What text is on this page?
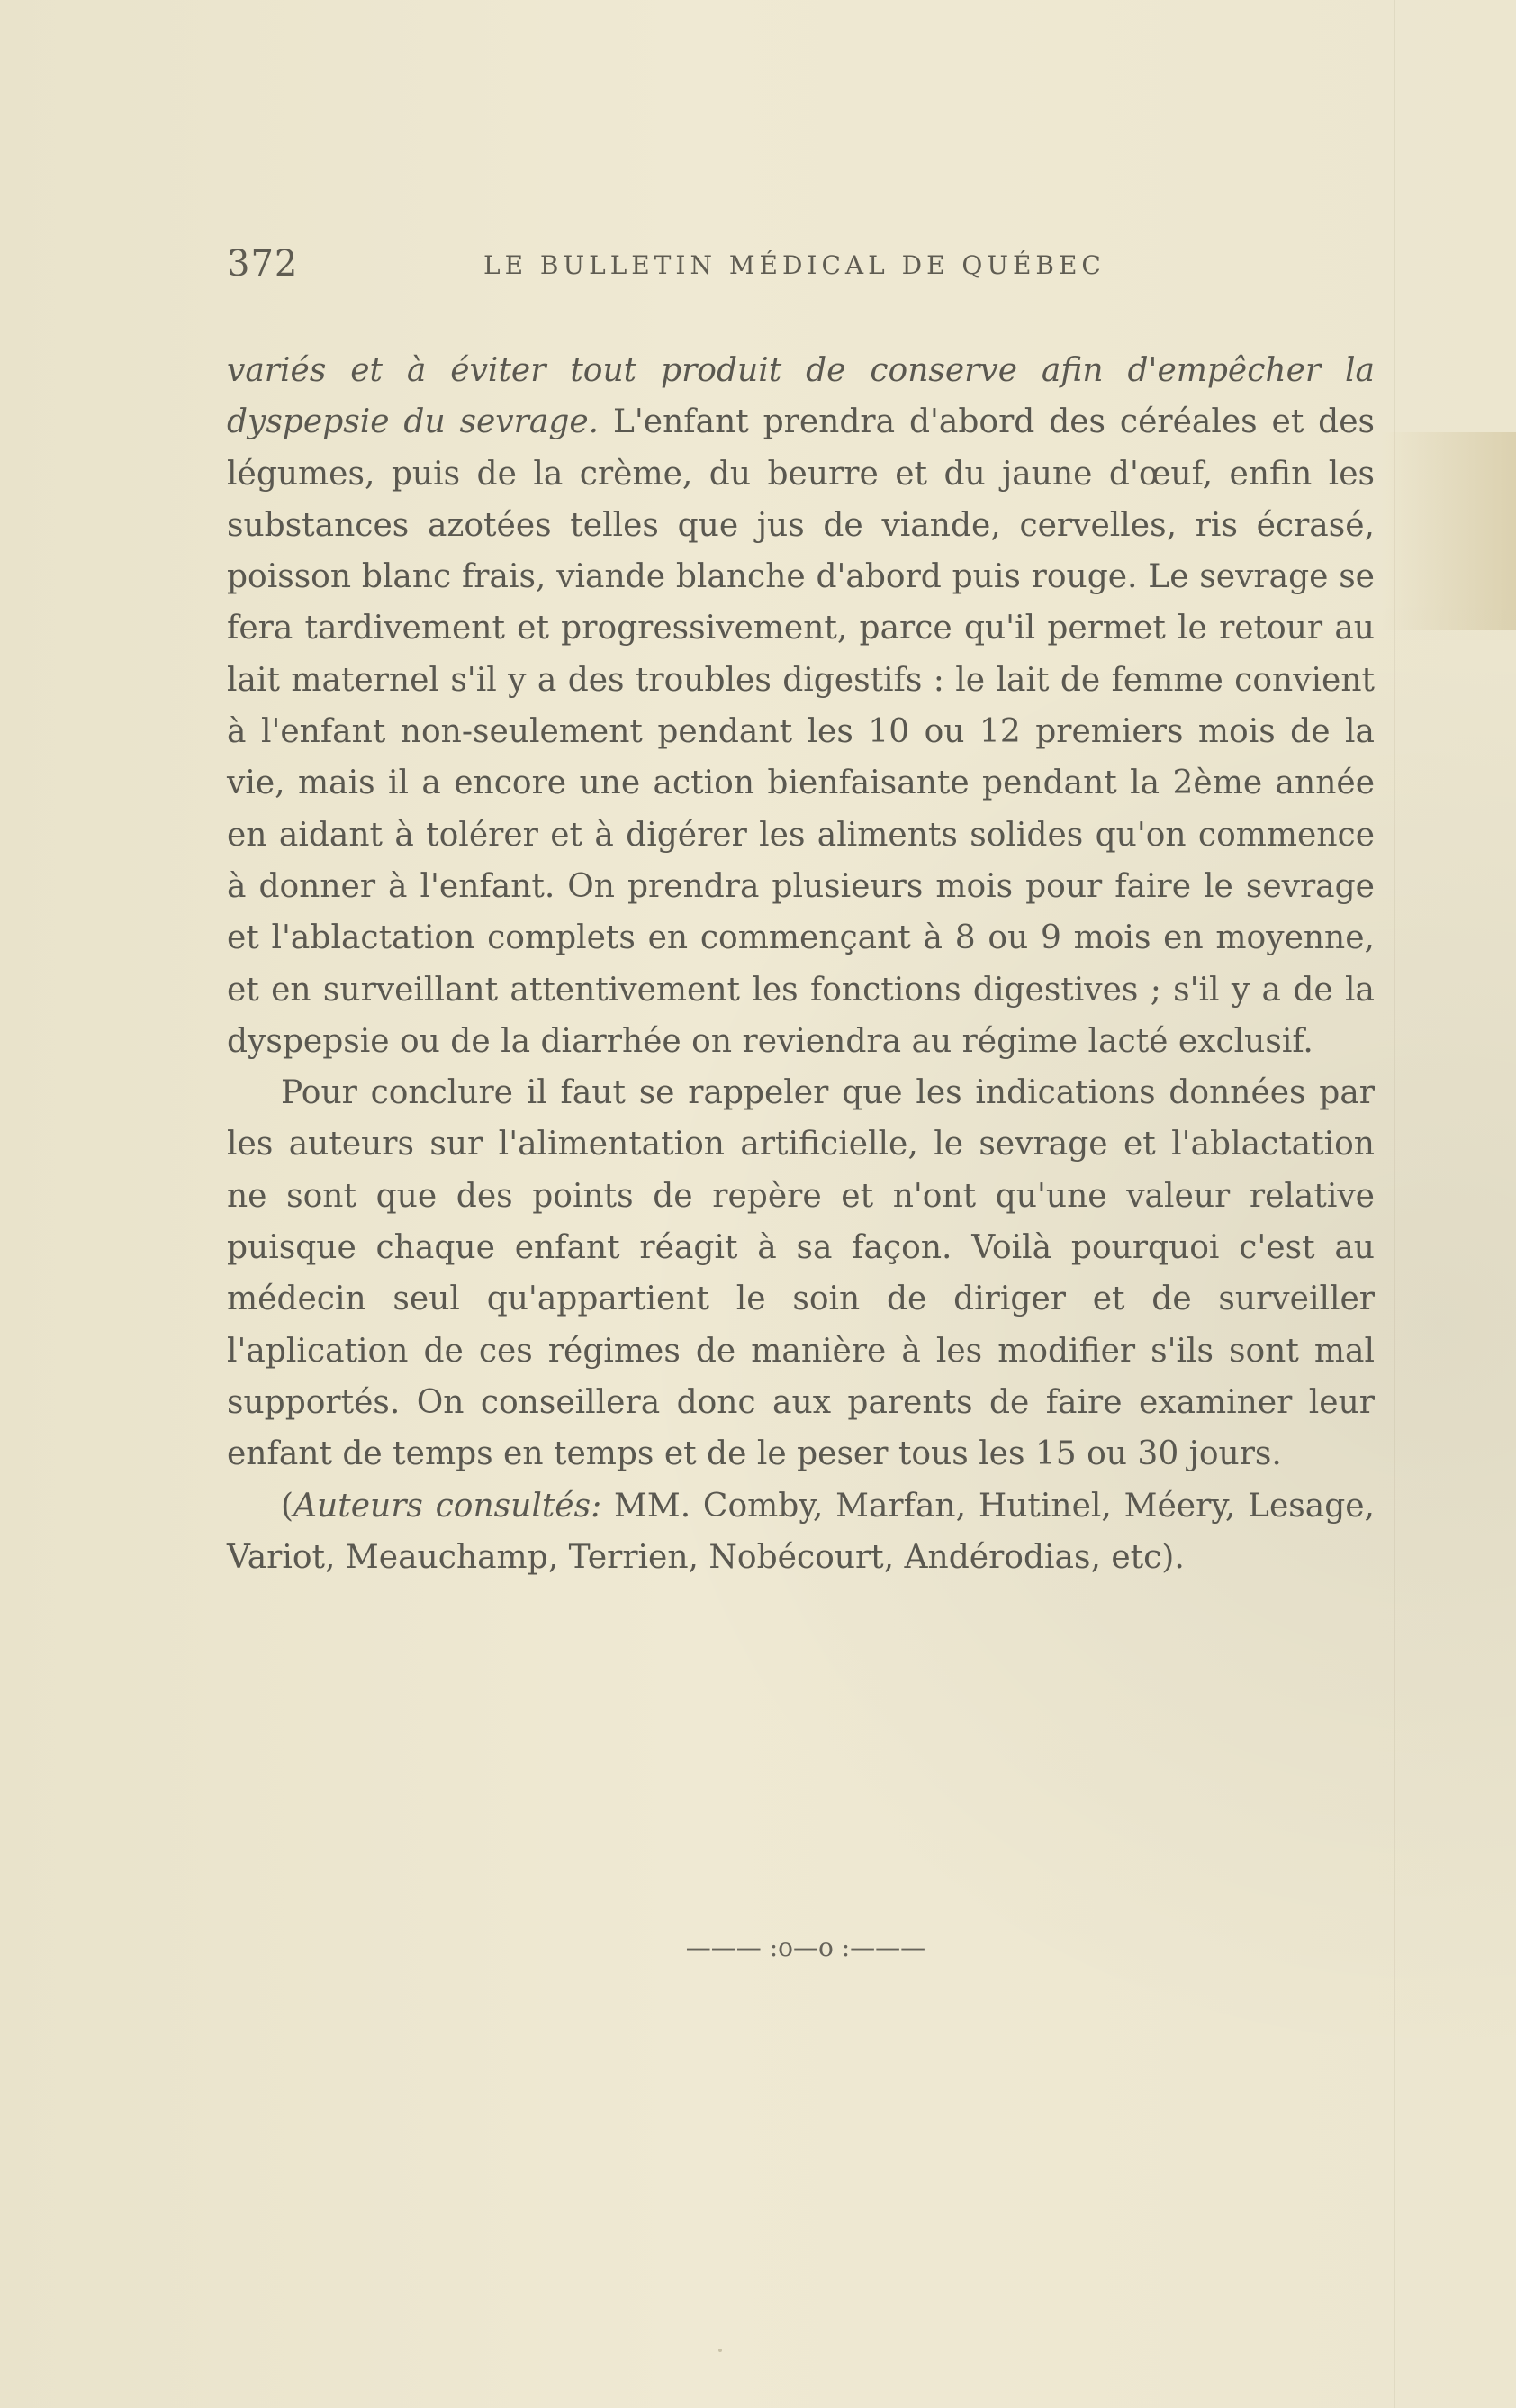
372	LE BULLETIN MÉDICAL DE QUÉBEC

variés et à éviter tout produit de conserve afin d'empêcher la dyspepsie du sevrage. L'enfant prendra d'abord des céréales et des légumes, puis de la crème, du beurre et du jaune d'œuf, enfin les substances azotées telles que jus de viande, cervelles, ris écrasé, poisson blanc frais, viande blanche d'abord puis rouge. Le sevrage se fera tardivement et progressivement, parce qu'il permet le retour au lait maternel s'il y a des troubles digestifs : le lait de femme convient à l'enfant non-seulement pendant les 10 ou 12 premiers mois de la vie, mais il a encore une action bienfaisante pendant la 2ème année en aidant à tolérer et à digérer les aliments solides qu'on commence à donner à l'enfant. On prendra plusieurs mois pour faire le sevrage et l'ablactation complets en commençant à 8 ou 9 mois en moyenne, et en surveillant attentivement les fonctions digestives ; s'il y a de la dyspepsie ou de la diarrhée on reviendra au régime lacté exclusif.

Pour conclure il faut se rappeler que les indications données par les auteurs sur l'alimentation artificielle, le sevrage et l'ablactation ne sont que des points de repère et n'ont qu'une valeur relative puisque chaque enfant réagit à sa façon. Voilà pourquoi c'est au médecin seul qu'appartient le soin de diriger et de surveiller l'aplication de ces régimes de manière à les modifier s'ils sont mal supportés. On conseillera donc aux parents de faire examiner leur enfant de temps en temps et de le peser tous les 15 ou 30 jours.

(Auteurs consultés: MM. Comby, Marfan, Hutinel, Méery, Lesage, Variot, Meauchamp, Terrien, Nobécourt, Andérodias, etc).

——— :o—o :———
